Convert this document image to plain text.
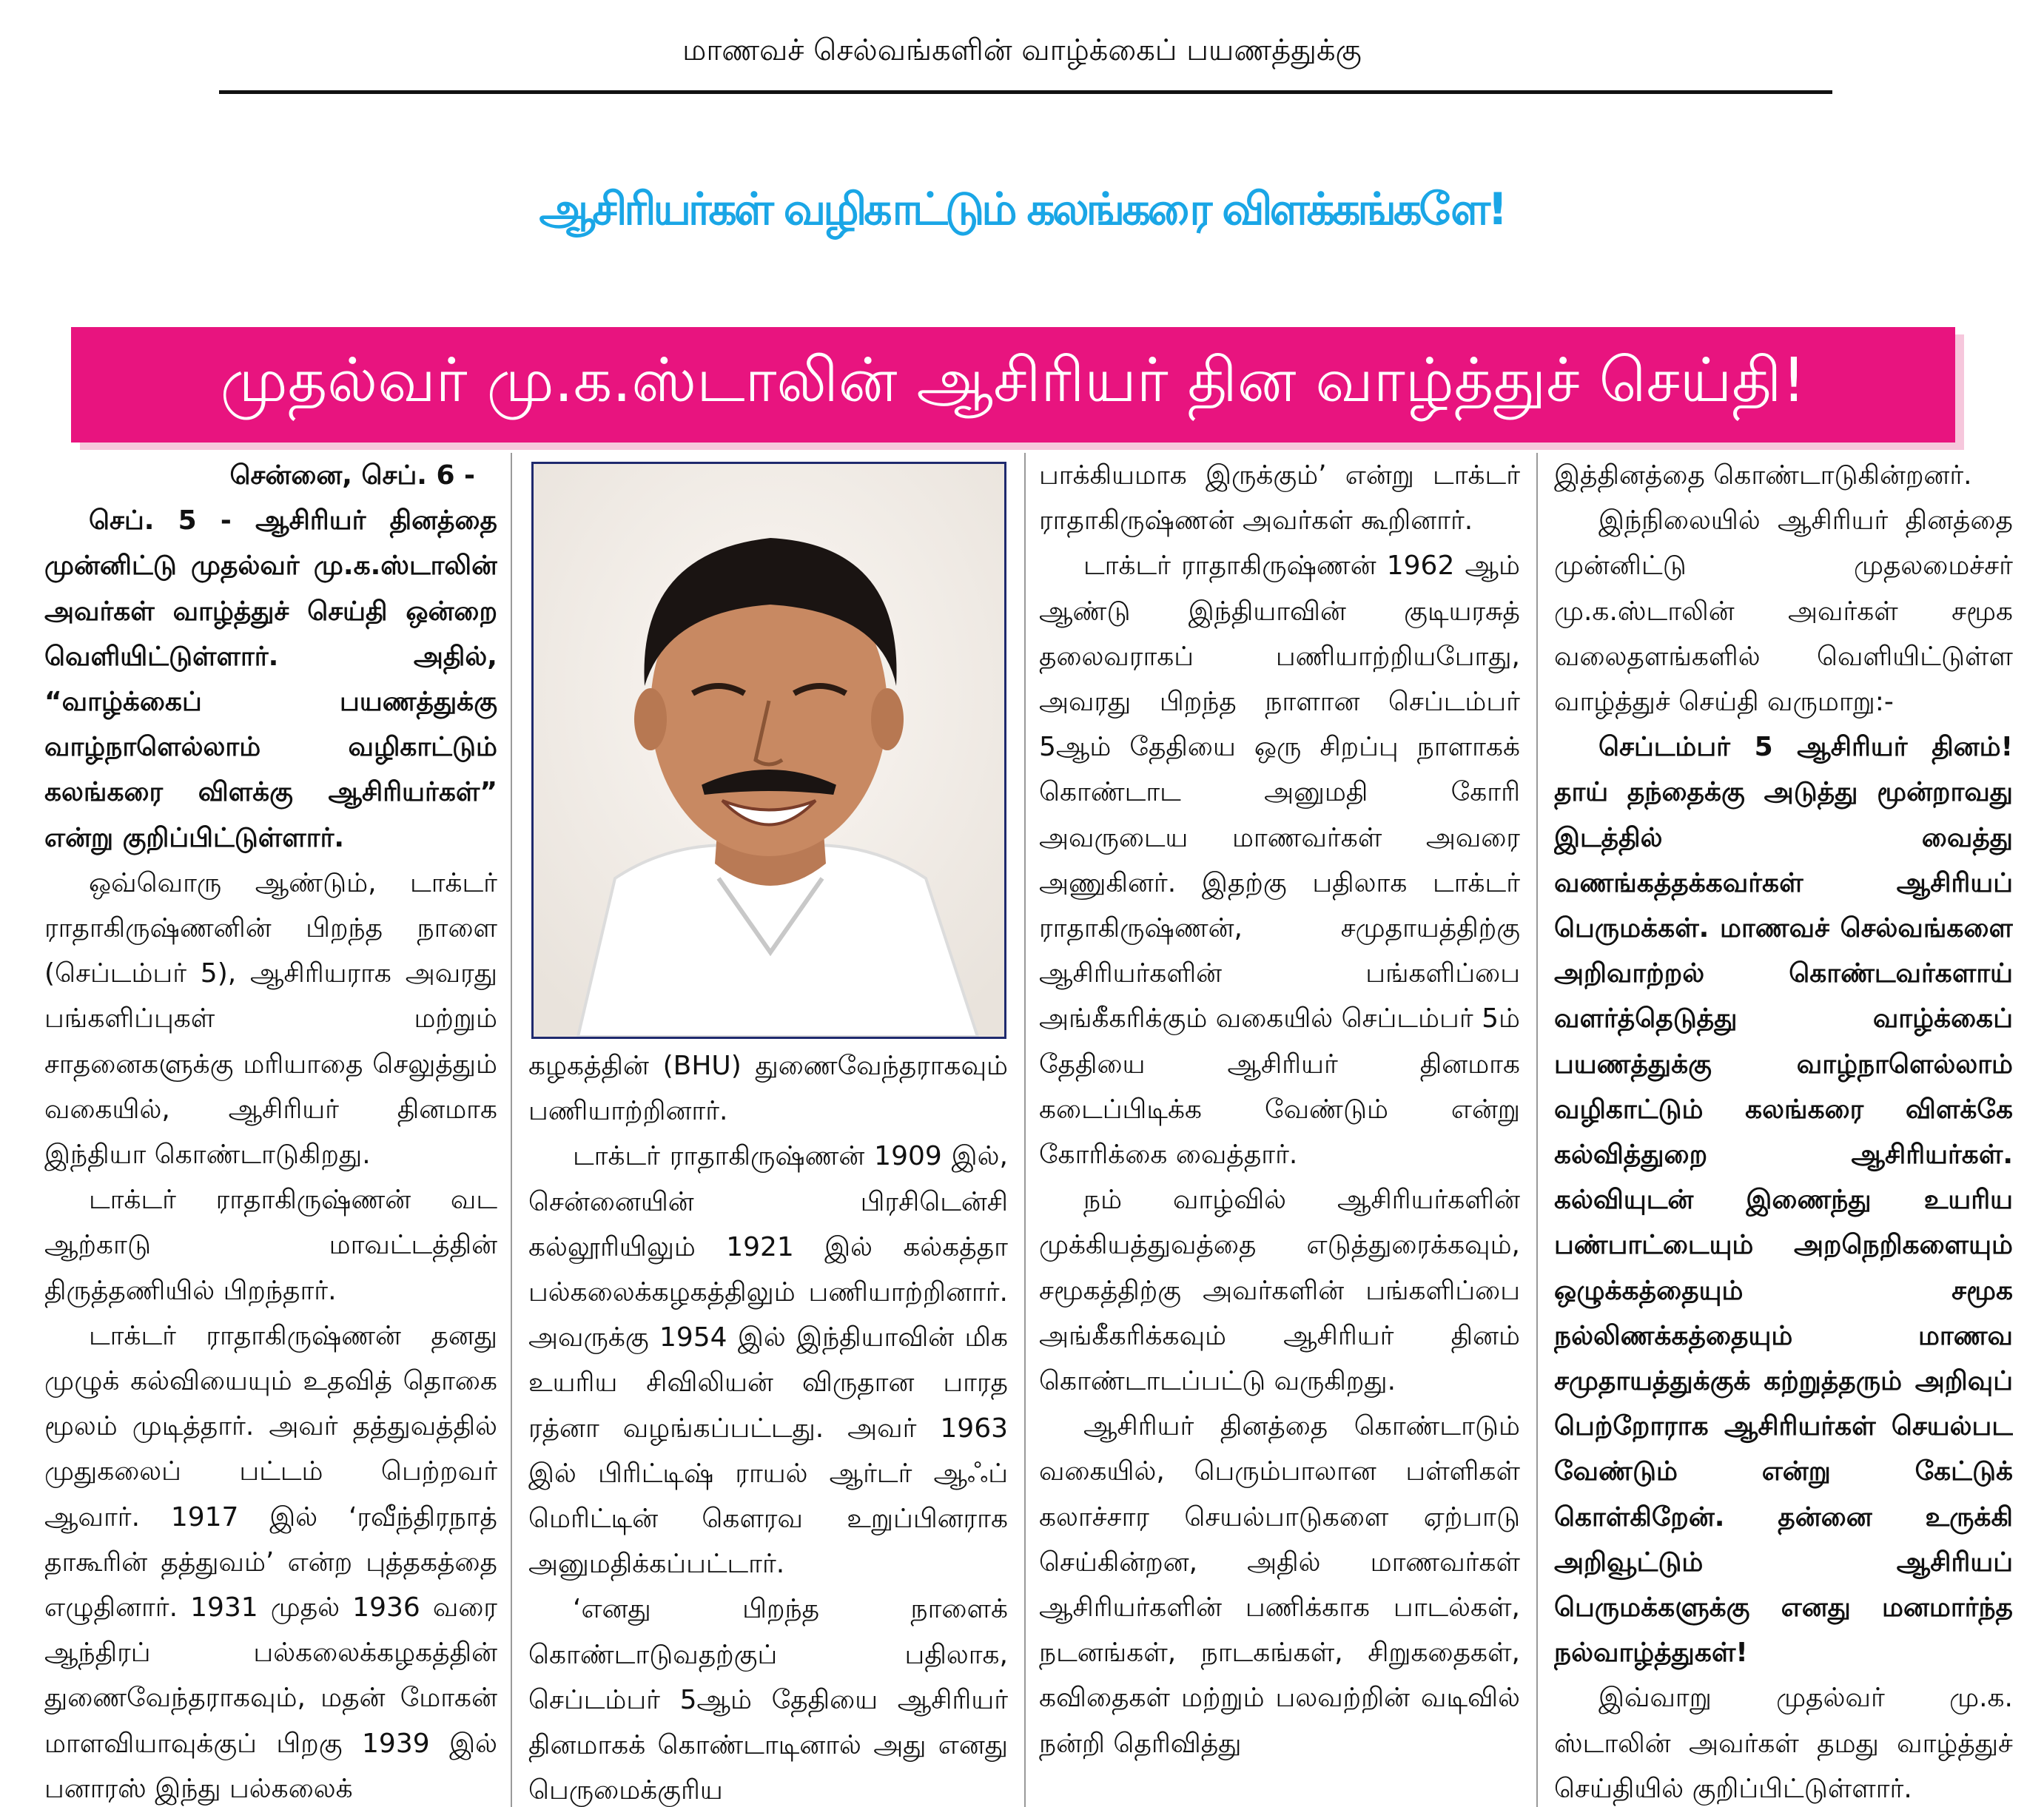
மாணவச் செல்வங்களின் வாழ்க்கைப் பயணத்துக்கு
ஆசிரியர்கள் வழிகாட்டும் கலங்கரை விளக்கங்களே!
முதல்வர் மு.க.ஸ்டாலின் ஆசிரியர் தின வாழ்த்துச் செய்தி!

சென்னை, செப். 6 -

செப். 5 - ஆசிரியர் தினத்தை முன்னிட்டு முதல்வர் மு.க.ஸ்டாலின் அவர்கள் வாழ்த்துச் செய்தி ஒன்றை வெளியிட்டுள்ளார். அதில், “வாழ்க்கைப் பயணத்துக்கு வாழ்நாளெல்லாம் வழிகாட்டும் கலங்கரை விளக்கு ஆசிரியர்கள்” என்று குறிப்பிட்டுள்ளார்.

ஒவ்வொரு ஆண்டும், டாக்டர் ராதாகிருஷ்ணனின் பிறந்த நாளை (செப்டம்பர் 5), ஆசிரியராக அவரது பங்களிப்புகள் மற்றும் சாதனைகளுக்கு மரியாதை செலுத்தும் வகையில், ஆசிரியர் தினமாக இந்தியா கொண்டாடுகிறது.

டாக்டர் ராதாகிருஷ்ணன் வட ஆற்காடு மாவட்டத்தின் திருத்தணியில் பிறந்தார்.

டாக்டர் ராதாகிருஷ்ணன் தனது முழுக் கல்வியையும் உதவித் தொகை மூலம் முடித்தார். அவர் தத்துவத்தில் முதுகலைப் பட்டம் பெற்றவர் ஆவார். 1917 இல் ‘ரவீந்திரநாத் தாகூரின் தத்துவம்’ என்ற புத்தகத்தை எழுதினார். 1931 முதல் 1936 வரை ஆந்திரப் பல்கலைக்கழகத்தின் துணைவேந்தராகவும், மதன் மோகன் மாளவியாவுக்குப் பிறகு 1939 இல் பனாரஸ் இந்து பல்கலைக்

கழகத்தின் (BHU) துணைவேந்தராகவும் பணியாற்றினார்.

டாக்டர் ராதாகிருஷ்ணன் 1909 இல், சென்னையின் பிரசிடென்சி கல்லூரியிலும் 1921 இல் கல்கத்தா பல்கலைக்கழகத்திலும் பணியாற்றினார். அவருக்கு 1954 இல் இந்தியாவின் மிக உயரிய சிவிலியன் விருதான பாரத ரத்னா வழங்கப்பட்டது. அவர் 1963 இல் பிரிட்டிஷ் ராயல் ஆர்டர் ஆஃப் மெரிட்டின் கௌரவ உறுப்பினராக அனுமதிக்கப்பட்டார்.

‘எனது பிறந்த நாளைக் கொண்டாடுவதற்குப் பதிலாக, செப்டம்பர் 5ஆம் தேதியை ஆசிரியர் தினமாகக் கொண்டாடினால் அது எனது பெருமைக்குரிய

பாக்கியமாக இருக்கும்’ என்று டாக்டர் ராதாகிருஷ்ணன் அவர்கள் கூறினார்.

டாக்டர் ராதாகிருஷ்ணன் 1962 ஆம் ஆண்டு இந்தியாவின் குடியரசுத் தலைவராகப் பணியாற்றியபோது, அவரது பிறந்த நாளான செப்டம்பர் 5ஆம் தேதியை ஒரு சிறப்பு நாளாகக் கொண்டாட அனுமதி கோரி அவருடைய மாணவர்கள் அவரை அணுகினர். இதற்கு பதிலாக டாக்டர் ராதாகிருஷ்ணன், சமுதாயத்திற்கு ஆசிரியர்களின் பங்களிப்பை அங்கீகரிக்கும் வகையில் செப்டம்பர் 5ம் தேதியை ஆசிரியர் தினமாக கடைப்பிடிக்க வேண்டும் என்று கோரிக்கை வைத்தார்.

நம் வாழ்வில் ஆசிரியர்களின் முக்கியத்துவத்தை எடுத்துரைக்கவும், சமூகத்திற்கு அவர்களின் பங்களிப்பை அங்கீகரிக்கவும் ஆசிரியர் தினம் கொண்டாடப்பட்டு வருகிறது.

ஆசிரியர் தினத்தை கொண்டாடும் வகையில், பெரும்பாலான பள்ளிகள் கலாச்சார செயல்பாடுகளை ஏற்பாடு செய்கின்றன, அதில் மாணவர்கள் ஆசிரியர்களின் பணிக்காக பாடல்கள், நடனங்கள், நாடகங்கள், சிறுகதைகள், கவிதைகள் மற்றும் பலவற்றின் வடிவில் நன்றி தெரிவித்து

இத்தினத்தை கொண்டாடுகின்றனர்.

இந்நிலையில் ஆசிரியர் தினத்தை முன்னிட்டு முதலமைச்சர் மு.க.ஸ்டாலின் அவர்கள் சமூக வலைதளங்களில் வெளியிட்டுள்ள வாழ்த்துச் செய்தி வருமாறு:-

செப்டம்பர் 5 ஆசிரியர் தினம்! தாய் தந்தைக்கு அடுத்து மூன்றாவது இடத்தில் வைத்து வணங்கத்தக்கவர்கள் ஆசிரியப் பெருமக்கள். மாணவச் செல்வங்களை அறிவாற்றல் கொண்டவர்களாய் வளர்த்தெடுத்து வாழ்க்கைப் பயணத்துக்கு வாழ்நாளெல்லாம் வழிகாட்டும் கலங்கரை விளக்கே கல்வித்துறை ஆசிரியர்கள். கல்வியுடன் இணைந்து உயரிய பண்பாட்டையும் அறநெறிகளையும் ஒழுக்கத்தையும் சமூக நல்லிணக்கத்தையும் மாணவ சமுதாயத்துக்குக் கற்றுத்தரும் அறிவுப் பெற்றோராக ஆசிரியர்கள் செயல்பட வேண்டும் என்று கேட்டுக் கொள்கிறேன். தன்னை உருக்கி அறிவூட்டும் ஆசிரியப் பெருமக்களுக்கு எனது மனமார்ந்த நல்வாழ்த்துகள்!

இவ்வாறு முதல்வர் மு.க. ஸ்டாலின் அவர்கள் தமது வாழ்த்துச் செய்தியில் குறிப்பிட்டுள்ளார்.
